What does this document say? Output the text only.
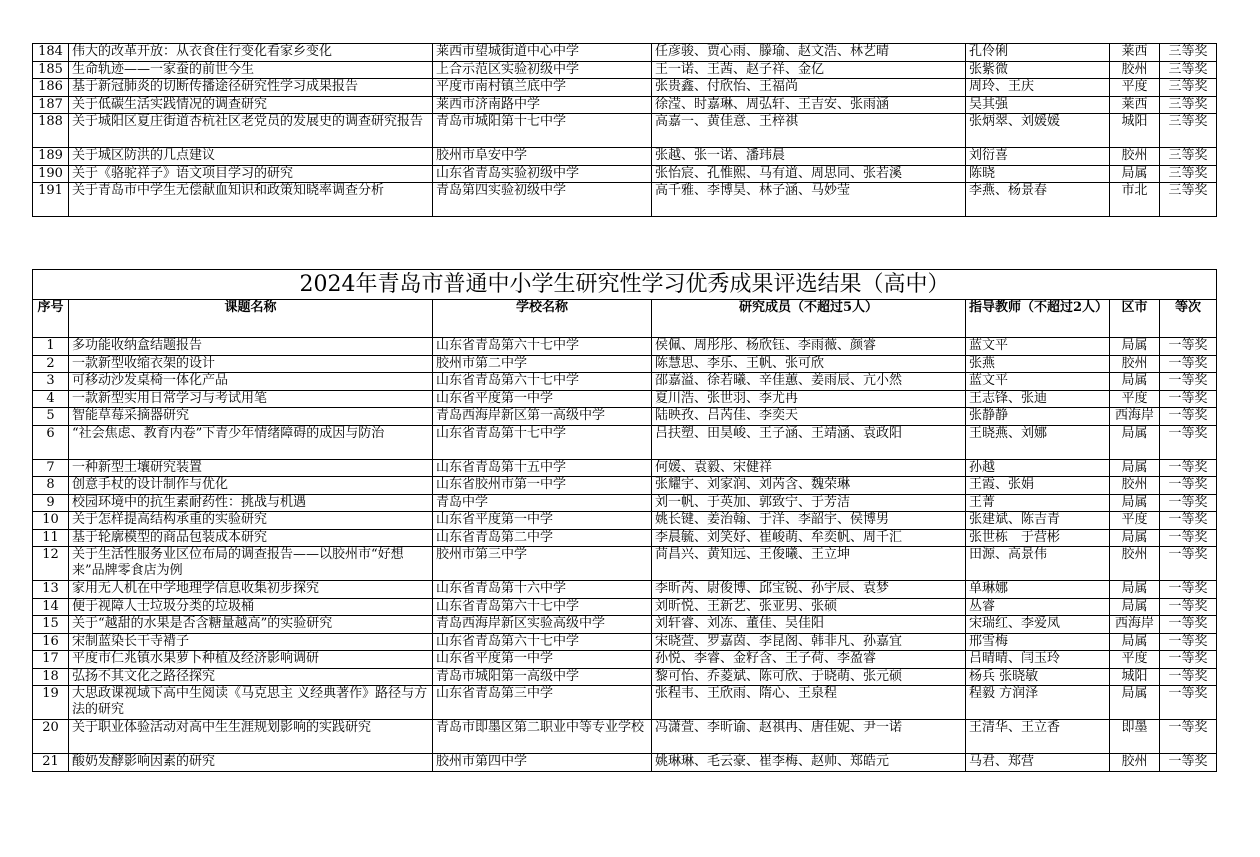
184	伟大的改革开放：从衣食住行变化看家乡变化	莱西市望城街道中心中学	任彦骏、贾心雨、滕瑜、赵文浩、林艺晴	孔伶俐	莱西	三等奖
185	生命轨迹——一家蚕的前世今生	上合示范区实验初级中学	王一诺、王茜、赵子祥、金亿	张紫微	胶州	三等奖
186	基于新冠肺炎的切断传播途径研究性学习成果报告	平度市南村镇兰底中学	张贵鑫、付欣怡、王福尚	周玲、王庆	平度	三等奖
187	关于低碳生活实践情况的调查研究	莱西市济南路中学	徐滢、时嘉琳、周弘轩、王吉安、张雨涵	吴其强	莱西	三等奖
188	关于城阳区夏庄街道杏杭社区老党员的发展史的调查研究报告	青岛市城阳第十七中学	高嘉一、黄佳意、王梓祺	张炳翠、刘媛媛	城阳	三等奖
189	关于城区防洪的几点建议	胶州市阜安中学	张越、张一诺、潘玮晨	刘衍喜	胶州	三等奖
190	关于《骆驼祥子》语文项目学习的研究	山东省青岛实验初级中学	张怡宸、孔惟熙、马有道、周思同、张若溪	陈晓	局属	三等奖
191	关于青岛市中学生无偿献血知识和政策知晓率调查分析	青岛第四实验初级中学	高千雅、李博昊、林子涵、马妙莹	李燕、杨景春	市北	三等奖
2024年青岛市普通中小学生研究性学习优秀成果评选结果（高中）						
序号	课题名称	学校名称	研究成员（不超过5人）	指导教师（不超过2人）	区市	等次
1	多功能收纳盒结题报告	山东省青岛第六十七中学	侯佩、周彤彤、杨欣钰、李雨薇、颜睿	蓝文平	局属	一等奖
2	一款新型收缩衣架的设计	胶州市第二中学	陈慧思、李乐、王帆、张可欣	张燕	胶州	一等奖
3	可移动沙发桌椅一体化产品	山东省青岛第六十七中学	邵嘉溢、徐若曦、辛佳蕙、姜雨辰、亢小然	蓝文平	局属	一等奖
4	一款新型实用日常学习与考试用笔	山东省平度第一中学	夏川浩、张世羽、李尤冉	王志锋、张迪	平度	一等奖
5	智能草莓采摘器研究	青岛西海岸新区第一高级中学	陆映孜、吕芮佳、李奕天	张静静	西海岸	一等奖
6	“社会焦虑、教育内卷”下青少年情绪障碍的成因与防治	山东省青岛第十七中学	吕扶塑、田昊峻、王子涵、王靖涵、袁政阳	王晓燕、刘娜	局属	一等奖
7	一种新型土壤研究装置	山东省青岛第十五中学	何媛、袁毅、宋健祥	孙越	局属	一等奖
8	创意手杖的设计制作与优化	山东省胶州市第一中学	张耀宇、刘家润、刘芮含、魏荣琳	王霞、张娟	胶州	一等奖
9	校园环境中的抗生素耐药性：挑战与机遇	青岛中学	刘一帆、于英加、郭致宁、于芳洁	王菁	局属	一等奖
10	关于怎样提高结构承重的实验研究	山东省平度第一中学	姚长键、姜治翰、于洋、李韶宇、侯博男	张建斌、陈吉青	平度	一等奖
11	基于轮廓模型的商品包装成本研究	山东省青岛第二中学	李晨毓、刘笑妤、崔峻萌、牟奕帆、周千汇	张世栋　于营彬	局属	一等奖
12	关于生活性服务业区位布局的调查报告——以胶州市“好想来”品牌零食店为例	胶州市第三中学	苘昌兴、黄知远、王俊曦、王立坤	田源、高景伟	胶州	一等奖
13	家用无人机在中学地理学信息收集初步探究	山东省青岛第十六中学	李昕芮、尉俊博、邱宝锐、孙宇辰、袁梦	单琳娜	局属	一等奖
14	便于视障人士垃圾分类的垃圾桶	山东省青岛第六十七中学	刘昕悦、王新艺、张亚男、张硕	丛睿	局属	一等奖
15	关于“越甜的水果是否含糖量越高”的实验研究	青岛西海岸新区实验高级中学	刘轩睿、刘冻、董佳、吴佳阳	宋瑞红、李爱凤	西海岸	一等奖
16	宋制蓝染长干寺褙子	山东省青岛第六十七中学	宋晓萱、罗嘉茵、李昆阁、韩非凡、孙嘉宜	邢雪梅	局属	一等奖
17	平度市仁兆镇水果萝卜种植及经济影响调研	山东省平度第一中学	孙悦、李睿、金籽含、王子荷、李盈睿	吕晴晴、闫玉玲	平度	一等奖
18	弘扬不其文化之路径探究	青岛市城阳第一高级中学	黎可怡、乔菱斌、陈可欣、于晓萌、张元硕	杨兵 张晓敏	城阳	一等奖
19	大思政课视域下高中生阅读《马克思主 义经典著作》路径与方法的研究	山东省青岛第三中学	张程韦、王欣雨、隋心、王泉程	程毅 方润泽	局属	一等奖
20	关于职业体验活动对高中生生涯规划影响的实践研究	青岛市即墨区第二职业中等专业学校	冯潇萱、李昕谕、赵祺冉、唐佳妮、尹一诺	王清华、王立香	即墨	一等奖
21	酸奶发酵影响因素的研究	胶州市第四中学	姚琳琳、毛云豪、崔李梅、赵帅、郑皓元	马君、郑营	胶州	一等奖
